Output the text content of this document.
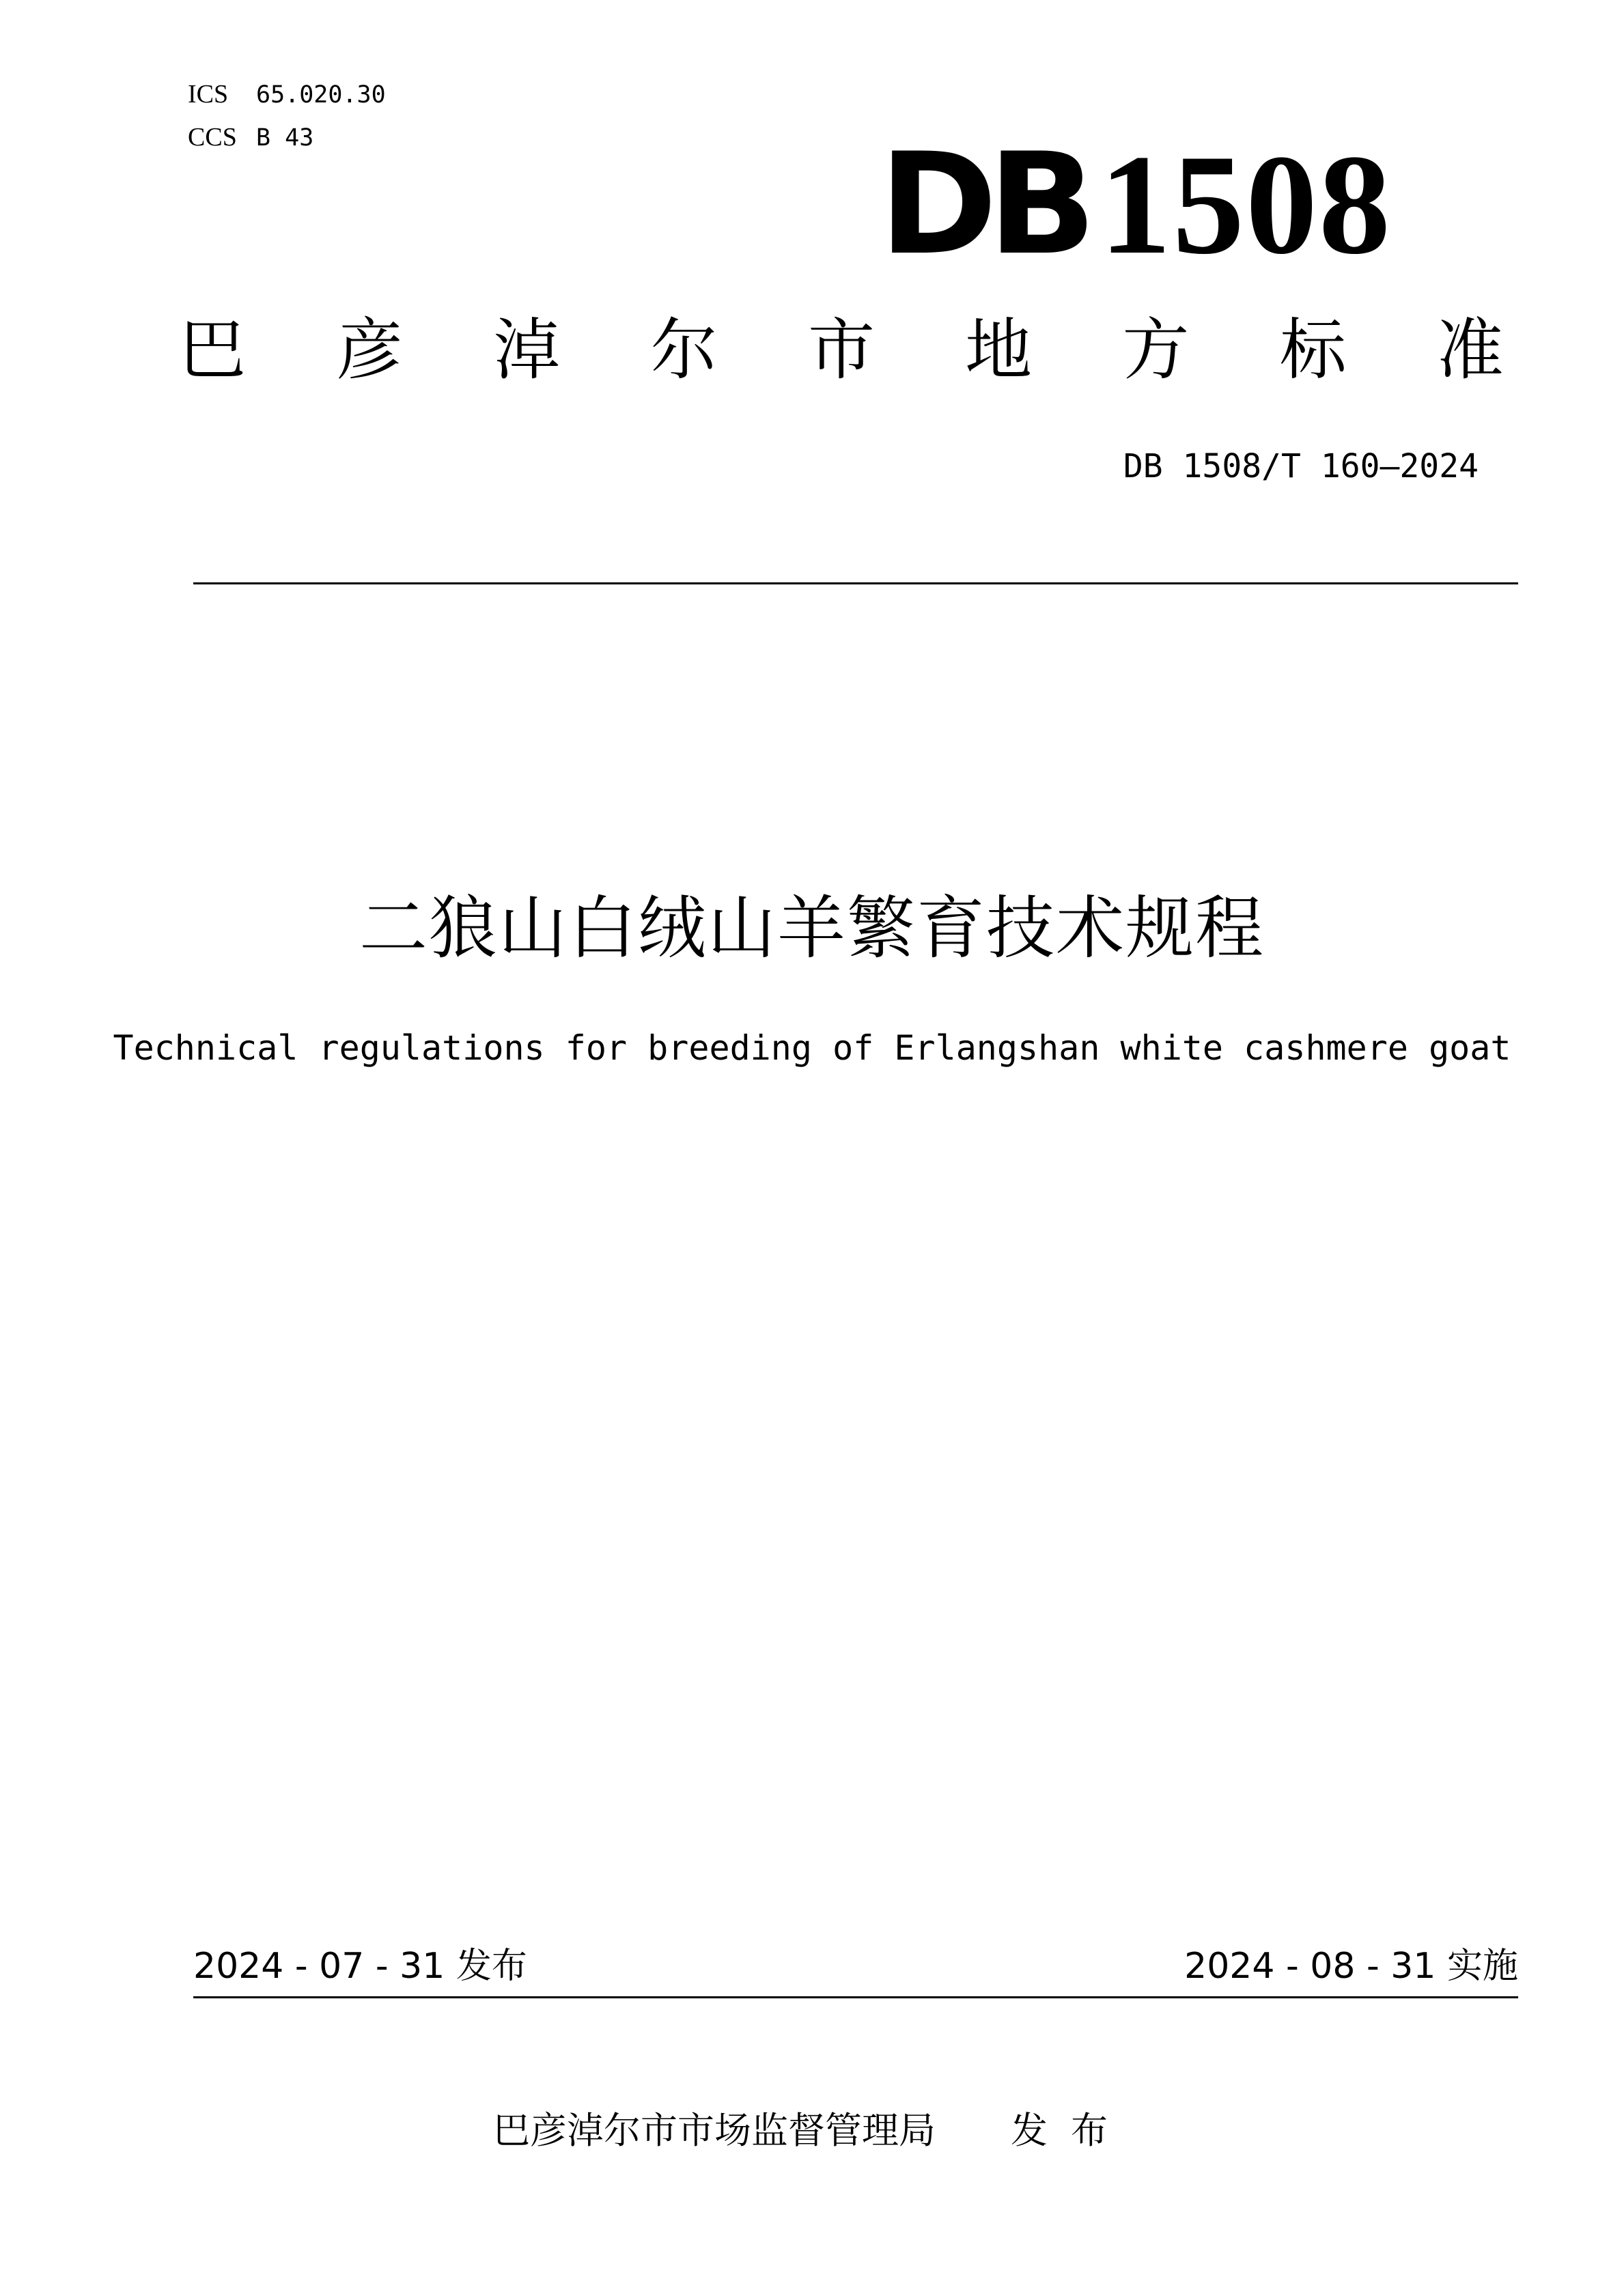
ICS 65.020.30
CCS B 43	DB1508
巴 彦 淖 尔 市 地 方 标 准
DB 1508/T 160—2024
二狼山白绒山羊繁育技术规程
Technical regulations for breeding of Erlangshan white cashmere goat
2024 - 07 - 31 发布	2024 - 08 - 31 实施
巴彦淖尔市市场监督管理局 发布
